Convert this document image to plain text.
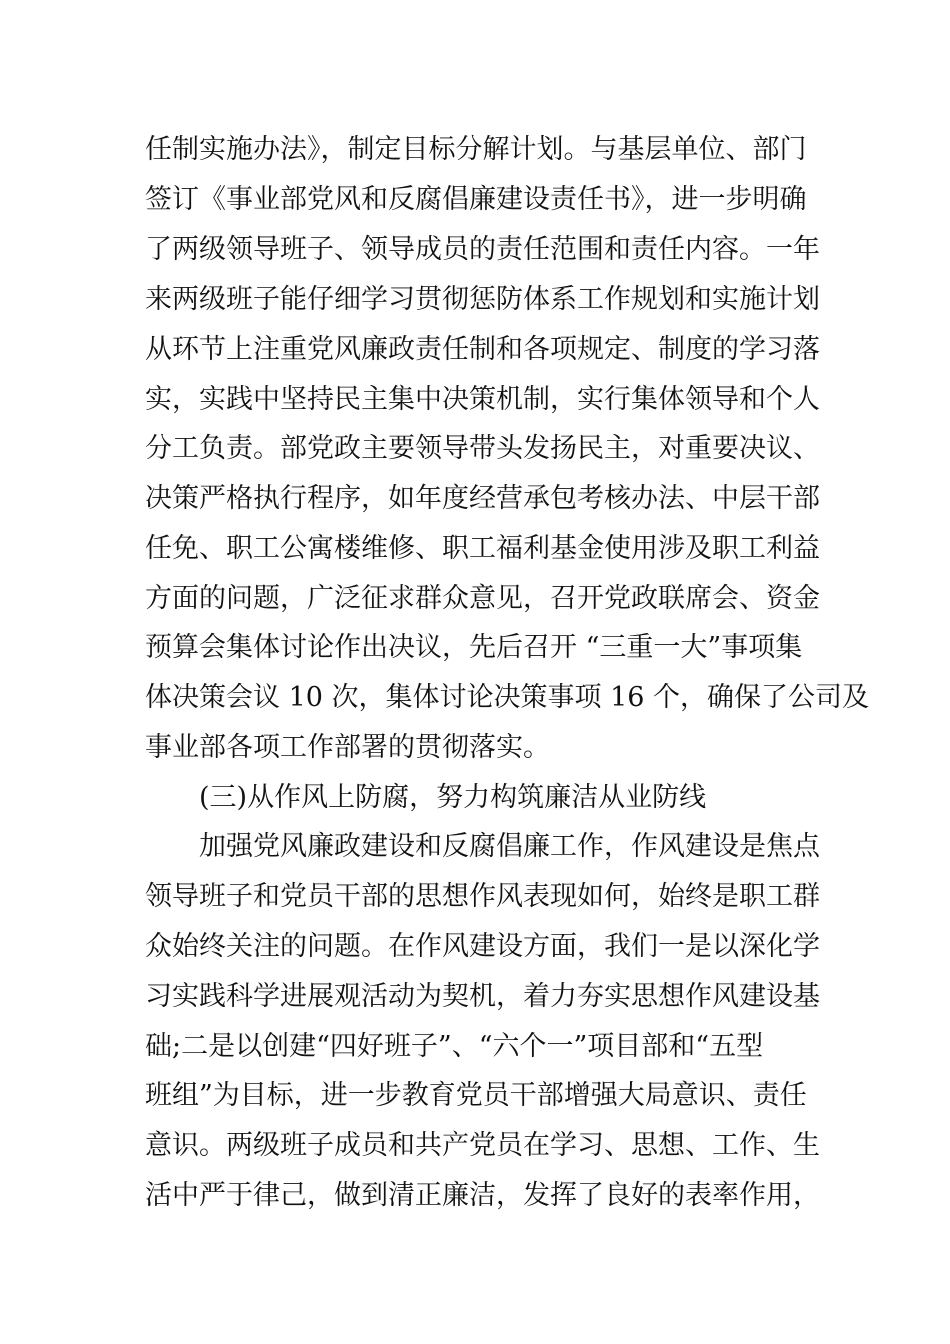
任制实施办法》，制定目标分解计划。与基层单位、部门
签订《事业部党风和反腐倡廉建设责任书》，进一步明确
了两级领导班子、领导成员的责任范围和责任内容。一年
来两级班子能仔细学习贯彻惩防体系工作规划和实施计划
从环节上注重党风廉政责任制和各项规定、制度的学习落
实，实践中坚持民主集中决策机制，实行集体领导和个人
分工负责。部党政主要领导带头发扬民主，对重要决议、
决策严格执行程序，如年度经营承包考核办法、中层干部
任免、职工公寓楼维修、职工福利基金使用涉及职工利益
方面的问题，广泛征求群众意见，召开党政联席会、资金
预算会集体讨论作出决议，先后召开 “三重一大”事项集
体决策会议 10 次，集体讨论决策事项 16 个，确保了公司及
事业部各项工作部署的贯彻落实。
(三)从作风上防腐，努力构筑廉洁从业防线
加强党风廉政建设和反腐倡廉工作，作风建设是焦点
领导班子和党员干部的思想作风表现如何，始终是职工群
众始终关注的问题。在作风建设方面，我们一是以深化学
习实践科学进展观活动为契机，着力夯实思想作风建设基
础;二是以创建“四好班子”、“六个一”项目部和“五型
班组”为目标，进一步教育党员干部增强大局意识、责任
意识。两级班子成员和共产党员在学习、思想、工作、生
活中严于律己，做到清正廉洁，发挥了良好的表率作用，
